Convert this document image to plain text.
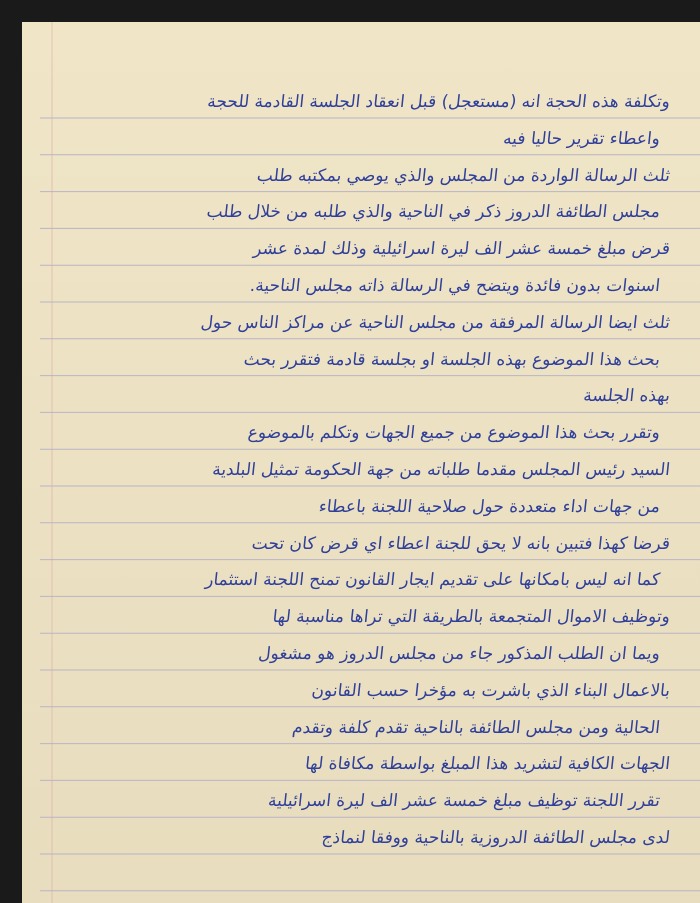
وتكلفة هذه الحجة انه (مستعجل) قبل انعقاد الجلسة القادمة للحجة
واعطاء تقرير حاليا فيه
ثلث الرسالة الواردة من المجلس والذي يوصي بمكتبه طلب
مجلس الطائفة الدروز ذكر في الناحية والذي طلبه من خلال طلب
قرض مبلغ خمسة عشر الف ليرة اسرائيلية وذلك لمدة عشر
اسنوات بدون فائدة ويتضح في الرسالة ذاته مجلس الناحية.
ثلث ايضا الرسالة المرفقة من مجلس الناحية عن مراكز الناس حول
بحث هذا الموضوع بهذه الجلسة او بجلسة قادمة فتقرر بحث
بهذه الجلسة
وتقرر بحث هذا الموضوع من جميع الجهات وتكلم بالموضوع
السيد رئيس المجلس مقدما طلباته من جهة الحكومة تمثيل البلدية
من جهات اداء متعددة حول صلاحية اللجنة باعطاء
قرضا كهذا فتبين بانه لا يحق للجنة اعطاء اي قرض كان تحت
كما انه ليس بامكانها على تقديم ايجار القانون تمنح اللجنة استثمار
وتوظيف الاموال المتجمعة بالطريقة التي تراها مناسبة لها
ويما ان الطلب المذكور جاء من مجلس الدروز هو مشغول
بالاعمال البناء الذي باشرت به مؤخرا حسب القانون
الحالية ومن مجلس الطائفة بالناحية تقدم كلفة وتقدم
الجهات الكافية لتشريد هذا المبلغ بواسطة مكافاة لها
تقرر اللجنة توظيف مبلغ خمسة عشر الف ليرة اسرائيلية
لدى مجلس الطائفة الدروزية بالناحية ووفقا لنماذج
